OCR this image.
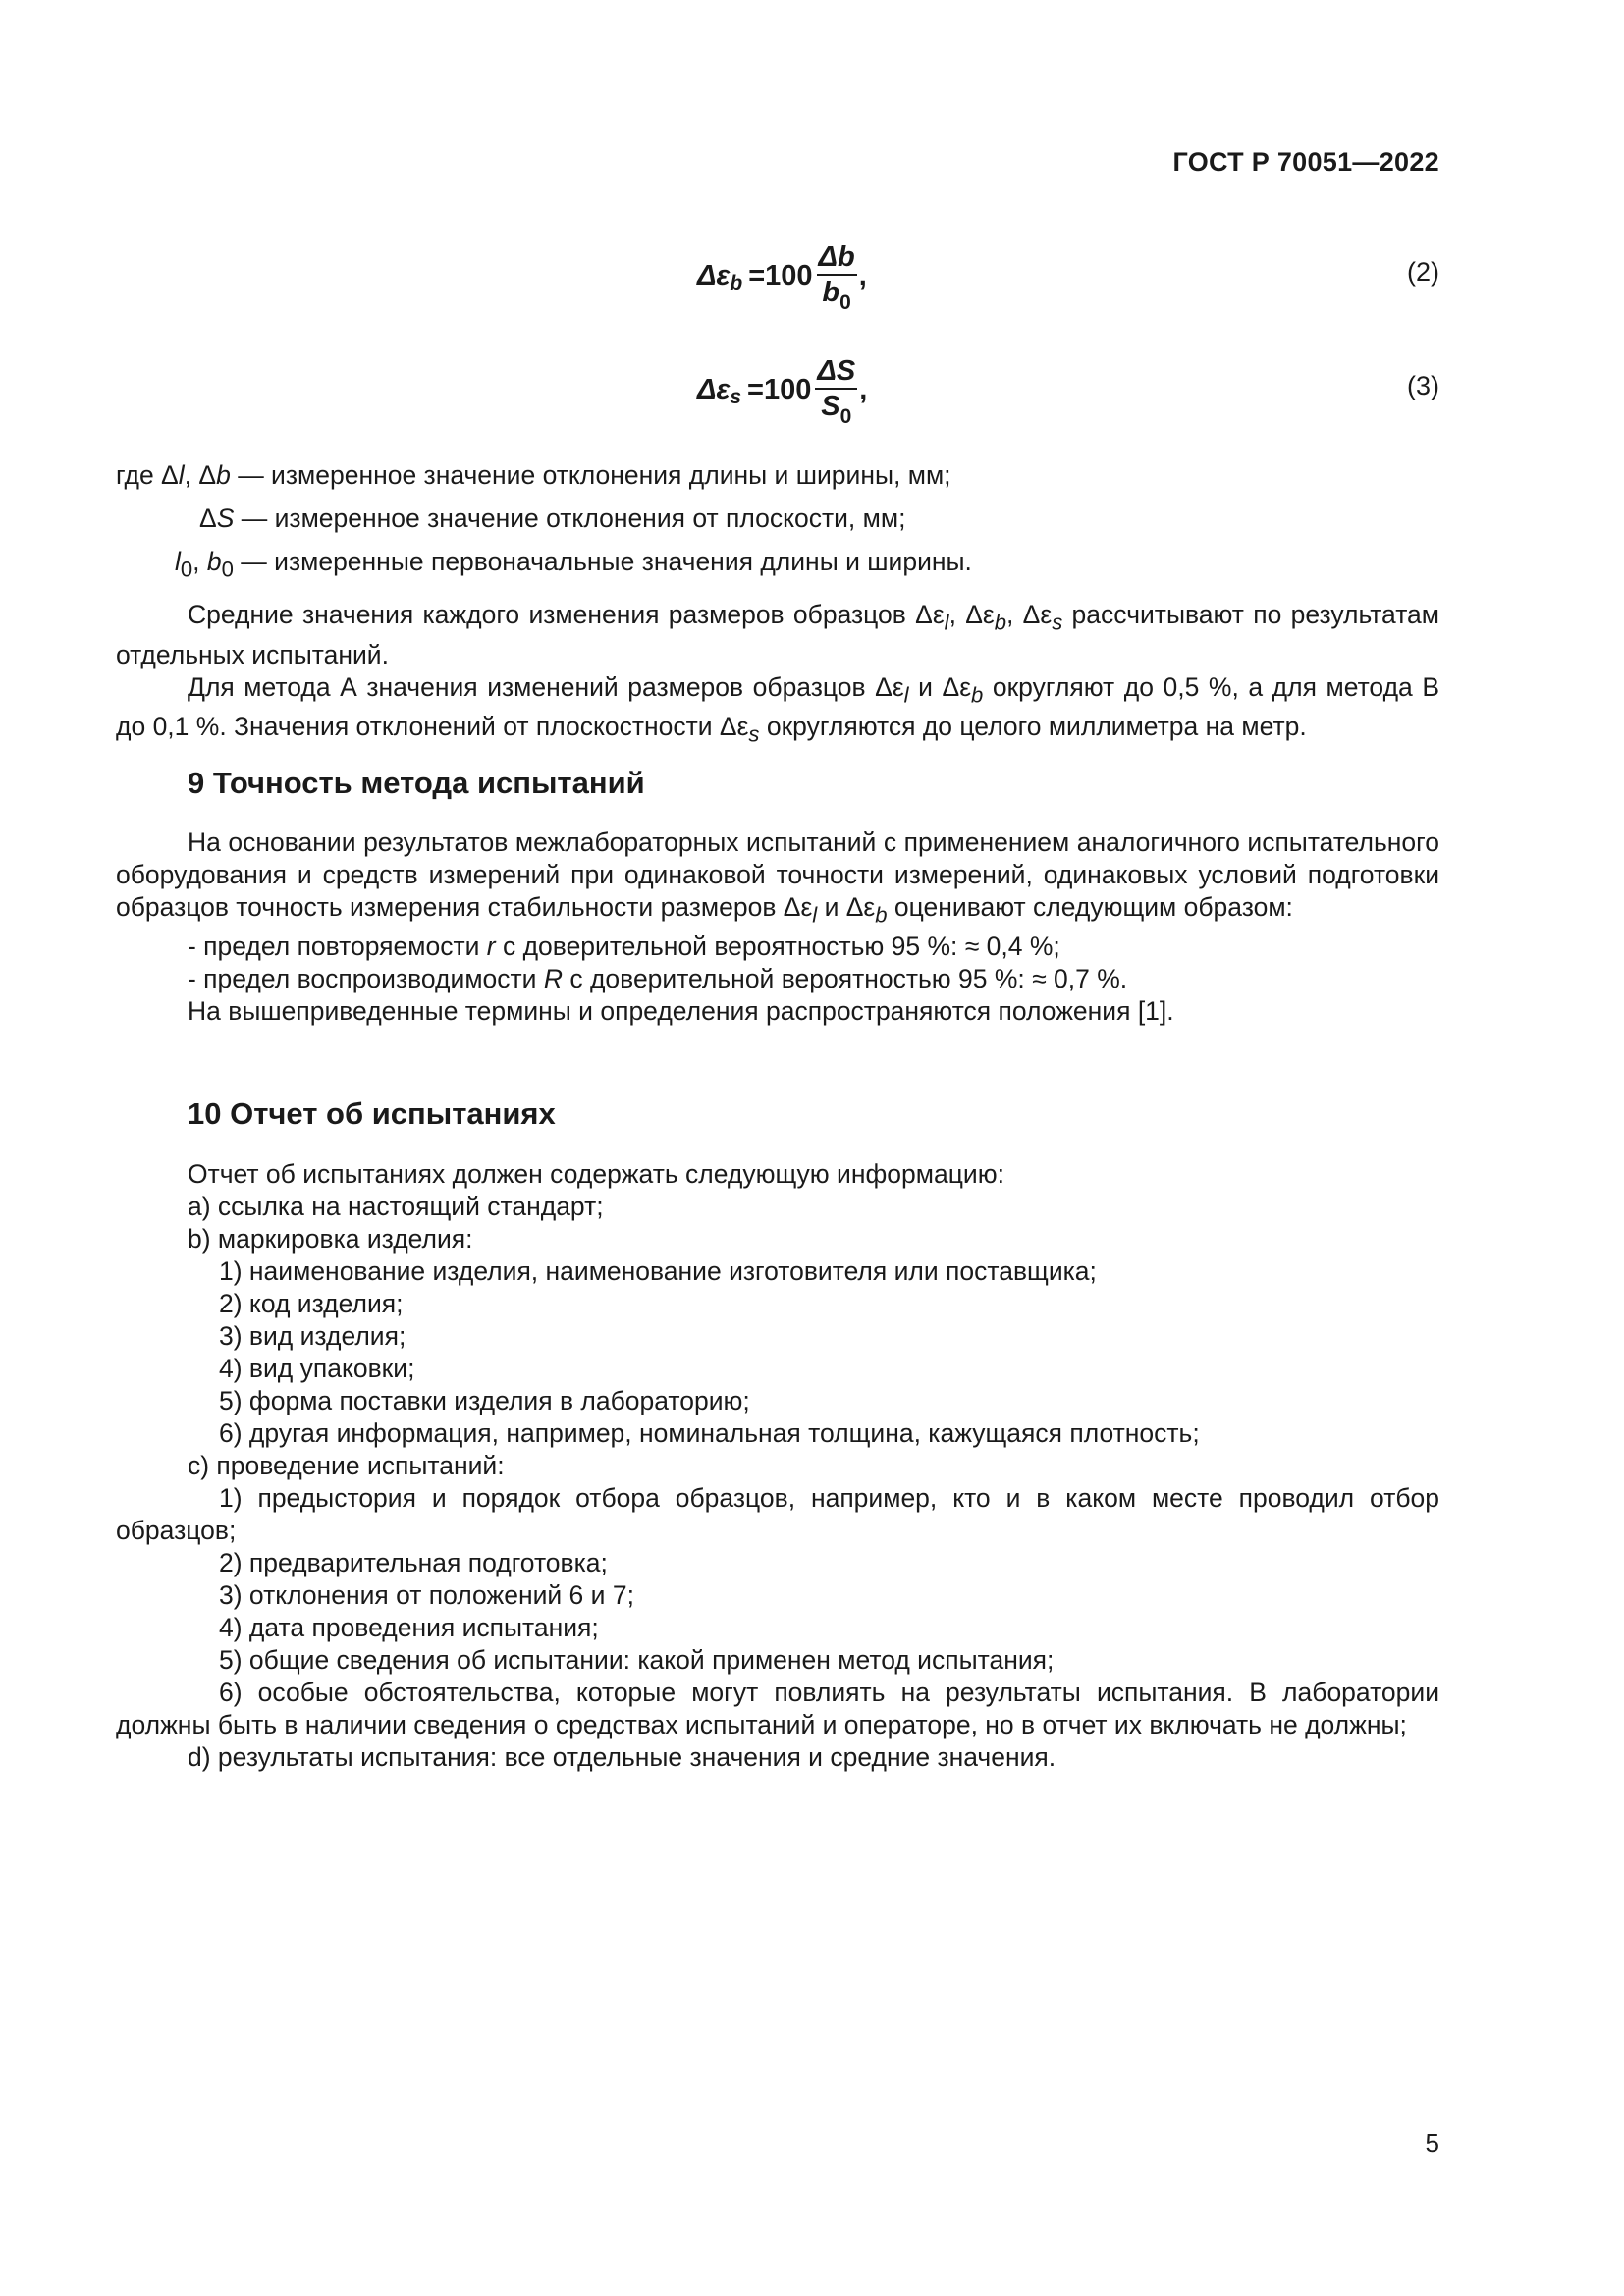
ГОСТ Р 70051—2022
Δε $b =100 \frac{\Delta b}{b_0}$ ,	(2)
Δε $s =100 \frac{\Delta S}{S_0}$ ,	(3)

где Δl, Δb — измеренное значение отклонения длины и ширины, мм;

ΔS — измеренное значение отклонения от плоскости, мм;

$l_0$, $b_0$ — измеренные первоначальные значения длины и ширины.

Средние значения каждого изменения размеров образцов $\Delta\varepsilon_l$, $\Delta\varepsilon_b$, $\Delta\varepsilon_s$ рассчитывают по результатам отдельных испытаний.

Для метода А значения изменений размеров образцов $\Delta\varepsilon_l$ и $\Delta\varepsilon_b$ округляют до 0,5 %, а для метода В до 0,1 %. Значения отклонений от плоскостности $\Delta\varepsilon_s$ округляются до целого миллиметра на метр.

9 Точность метода испытаний

На основании результатов межлабораторных испытаний с применением аналогичного испытательного оборудования и средств измерений при одинаковой точности измерений, одинаковых условий подготовки образцов точность измерения стабильности размеров $\Delta\varepsilon_l$ и $\Delta\varepsilon_b$ оценивают следующим образом:

- предел повторяемости r с доверительной вероятностью 95 %: ≈ 0,4 %;

- предел воспроизводимости R с доверительной вероятностью 95 %: ≈ 0,7 %.

На вышеприведенные термины и определения распространяются положения [1].

10 Отчет об испытаниях

Отчет об испытаниях должен содержать следующую информацию:

а) ссылка на настоящий стандарт;

b) маркировка изделия:

1) наименование изделия, наименование изготовителя или поставщика;

2) код изделия;

3) вид изделия;

4) вид упаковки;

5) форма поставки изделия в лабораторию;

6) другая информация, например, номинальная толщина, кажущаяся плотность;

с) проведение испытаний:

1) предыстория и порядок отбора образцов, например, кто и в каком месте проводил отбор образцов;

2) предварительная подготовка;

3) отклонения от положений 6 и 7;

4) дата проведения испытания;

5) общие сведения об испытании: какой применен метод испытания;

6) особые обстоятельства, которые могут повлиять на результаты испытания. В лаборатории должны быть в наличии сведения о средствах испытаний и операторе, но в отчет их включать не должны;

d) результаты испытания: все отдельные значения и средние значения.

5
